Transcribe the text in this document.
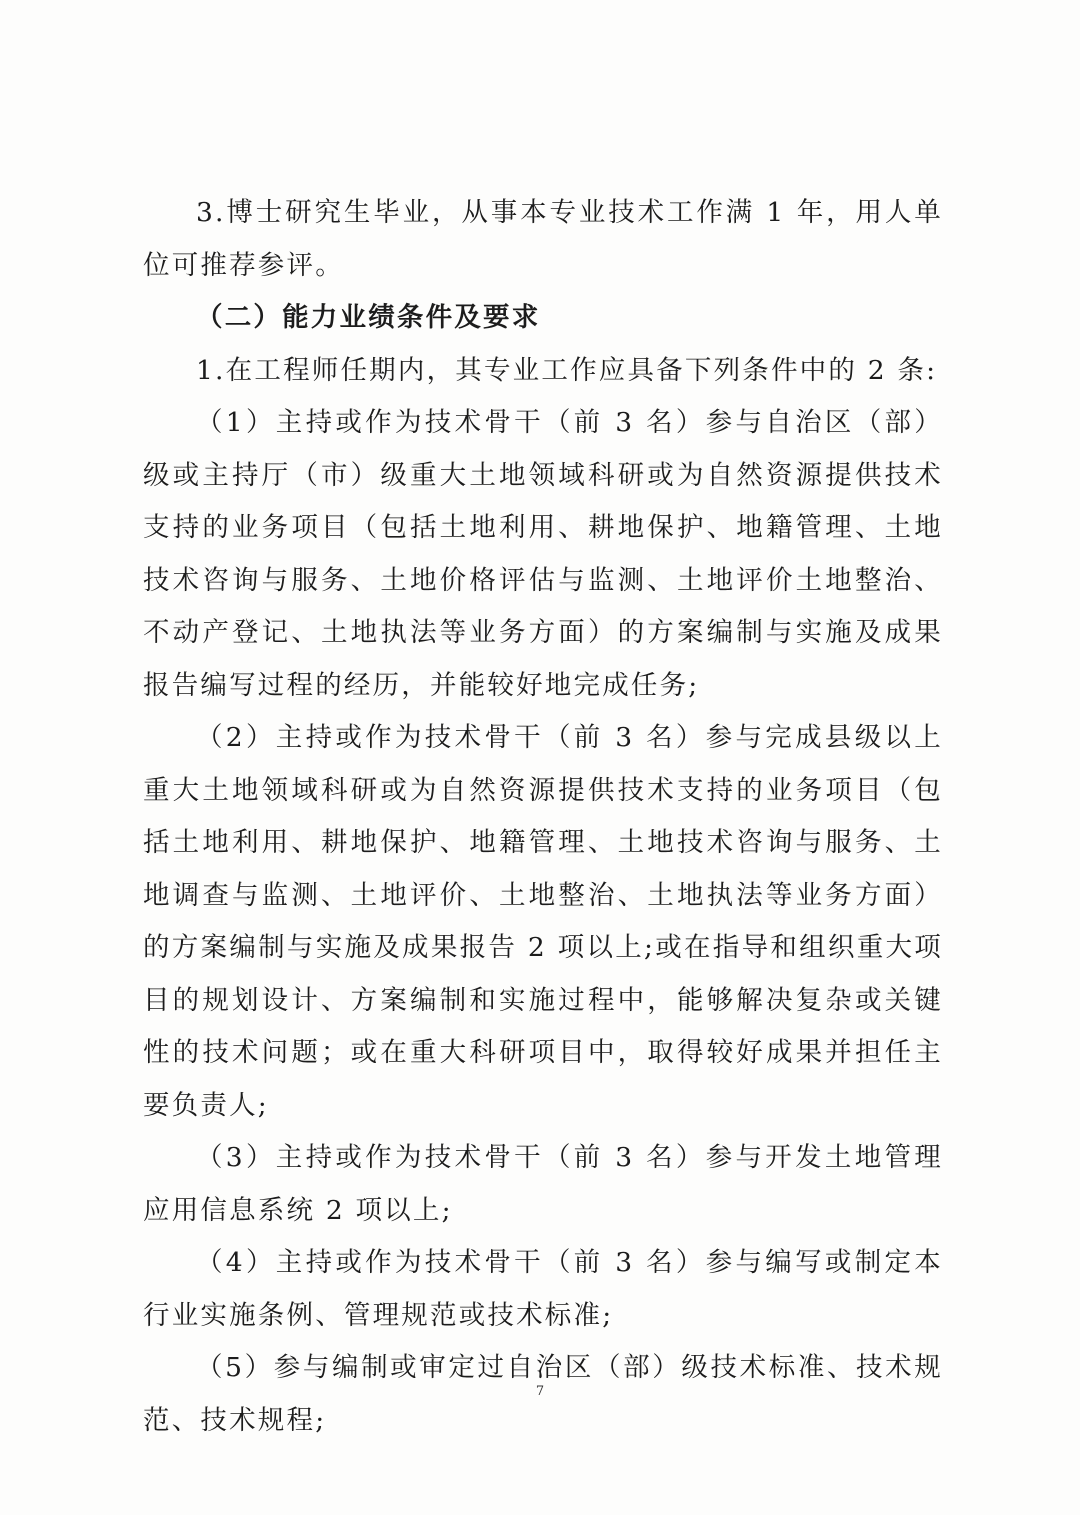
3.博士研究生毕业，从事本专业技术工作满 1 年，用人单位可推荐参评。

（二）能力业绩条件及要求

1.在工程师任期内，其专业工作应具备下列条件中的 2 条:

（1）主持或作为技术骨干（前 3 名）参与自治区（部）级或主持厅（市）级重大土地领域科研或为自然资源提供技术支持的业务项目（包括土地利用、耕地保护、地籍管理、土地技术咨询与服务、土地价格评估与监测、土地评价土地整治、不动产登记、土地执法等业务方面）的方案编制与实施及成果报告编写过程的经历，并能较好地完成任务;

（2）主持或作为技术骨干（前 3 名）参与完成县级以上重大土地领域科研或为自然资源提供技术支持的业务项目（包括土地利用、耕地保护、地籍管理、土地技术咨询与服务、土地调查与监测、土地评价、土地整治、土地执法等业务方面）的方案编制与实施及成果报告 2 项以上;或在指导和组织重大项目的规划设计、方案编制和实施过程中，能够解决复杂或关键性的技术问题；或在重大科研项目中，取得较好成果并担任主要负责人;

（3）主持或作为技术骨干（前 3 名）参与开发土地管理应用信息系统 2 项以上;

（4）主持或作为技术骨干（前 3 名）参与编写或制定本行业实施条例、管理规范或技术标准;

（5）参与编制或审定过自治区（部）级技术标准、技术规范、技术规程;

7
